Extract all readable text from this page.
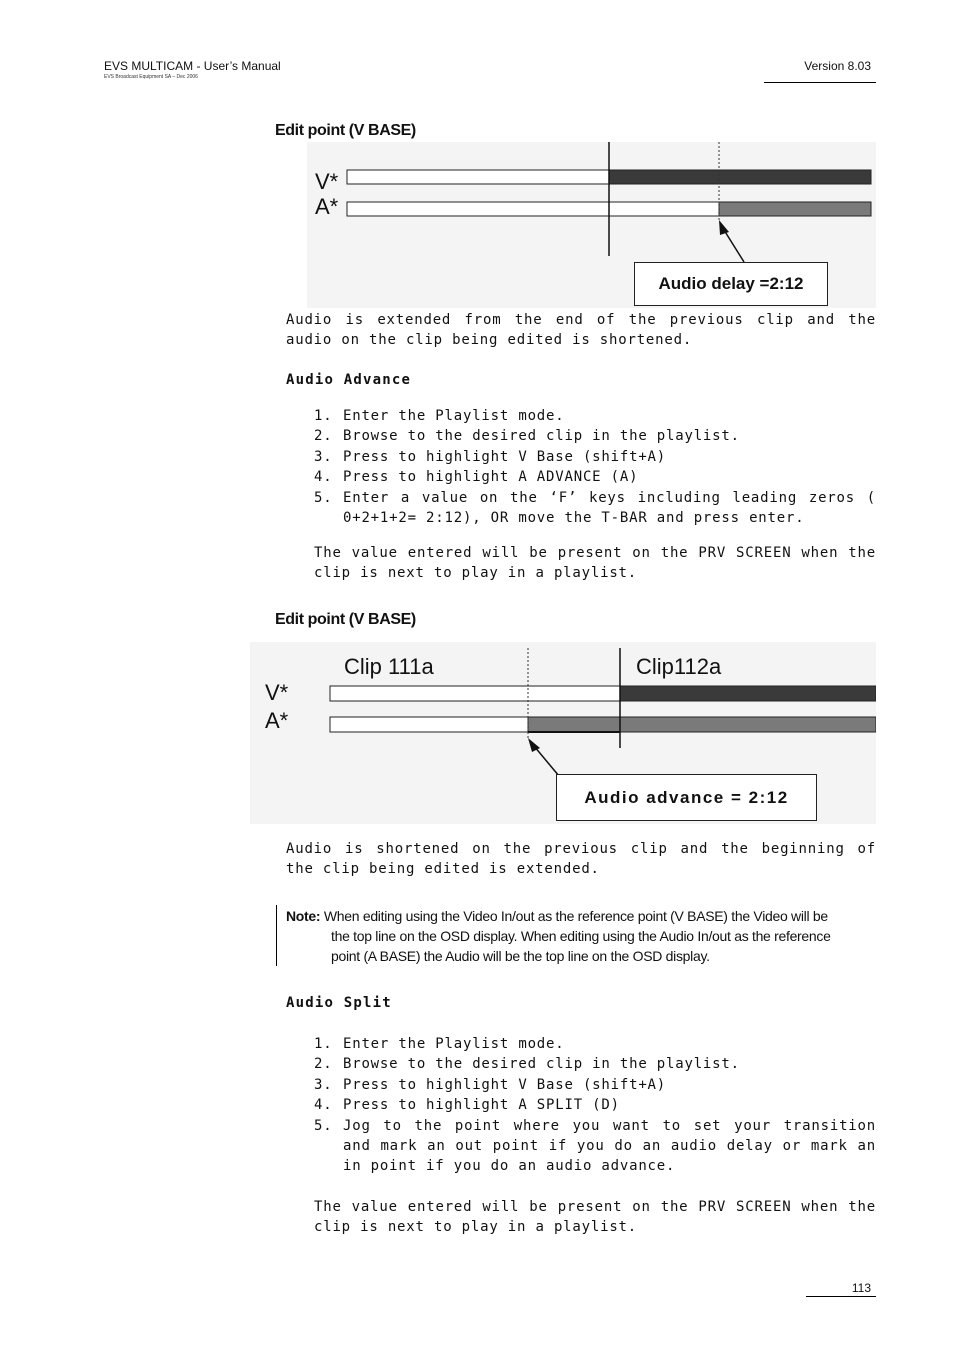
EVS MULTICAM - User’s Manual
EVS Broadcast Equipment SA – Dec 2006
Version 8.03
Edit point (V BASE)
V*
A*
Audio delay =2:12
Audio is extended from the end of the previous clip and the audio on the clip being edited is shortened.
Audio Advance
1. Enter the Playlist mode.
2. Browse to the desired clip in the playlist.
3. Press to highlight V Base (shift+A)
4. Press to highlight A ADVANCE (A)
5. Enter a value on the ‘F’ keys including leading zeros ( 0+2+1+2= 2:12), OR move the T-BAR and press enter.
The value entered will be present on the PRV SCREEN when the clip is next to play in a playlist.
Edit point (V BASE)
Clip 111a	Clip112a
V*
A*
Audio advance = 2:12
Audio is shortened on the previous clip and the beginning of the clip being edited is extended.
Note: When editing using the Video In/out as the reference point (V BASE) the Video will be
the top line on the OSD display. When editing using the Audio In/out as the reference
point (A BASE) the Audio will be the top line on the OSD display.
Audio Split
1. Enter the Playlist mode.
2. Browse to the desired clip in the playlist.
3. Press to highlight V Base (shift+A)
4. Press to highlight A SPLIT (D)
5. Jog to the point where you want to set your transition and mark an out point if you do an audio delay or mark an in point if you do an audio advance.
The value entered will be present on the PRV SCREEN when the clip is next to play in a playlist.
113
